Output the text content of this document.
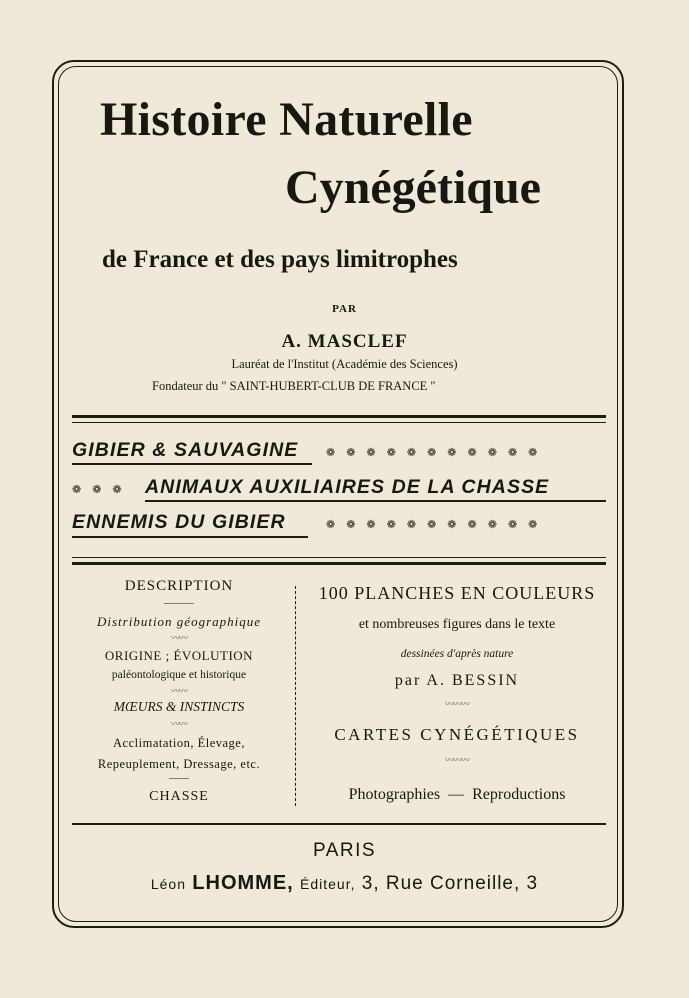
Histoire Naturelle
Cynégétique
de France et des pays limitrophes
PAR
A. MASCLEF
Lauréat de l'Institut (Académie des Sciences)
Fondateur du " SAINT-HUBERT-CLUB DE FRANCE "
GIBIER & SAUVAGINE	❁    ❁    ❁    ❁    ❁    ❁    ❁    ❁    ❁    ❁    ❁
❁    ❁    ❁ ANIMAUX AUXILIAIRES DE LA CHASSE
ENNEMIS DU GIBIER	❁    ❁    ❁    ❁    ❁    ❁    ❁    ❁    ❁    ❁    ❁
DESCRIPTION
———
Distribution géographique
〰〰
ORIGINE ; ÉVOLUTION
paléontologique et historique
〰〰
MŒURS & INSTINCTS
〰〰
Acclimatation, Élevage,
Repeuplement, Dressage, etc.
——
CHASSE
100 PLANCHES EN COULEURS
et nombreuses figures dans le texte
dessinées d'après nature
par A. BESSIN
〰〰〰
CARTES CYNÉGÉTIQUES
〰〰〰
Photographies — Reproductions
PARIS
Léon LHOMME, Éditeur, 3, Rue Corneille, 3
